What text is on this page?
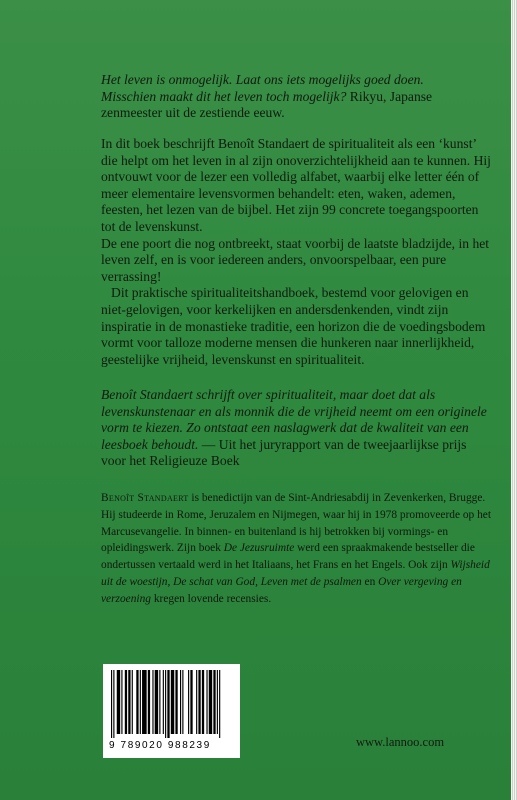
Het leven is onmogelijk. Laat ons iets mogelijks goed doen.
Misschien maakt dit het leven toch mogelijk? Rikyu, Japanse zenmeester uit de zestiende eeuw.

In dit boek beschrijft Benoît Standaert de spiritualiteit als een ‘kunst’ die helpt om het leven in al zijn onoverzichtelijkheid aan te kunnen. Hij ontvouwt voor de lezer een volledig alfabet, waarbij elke letter één of meer elementaire levensvormen behandelt: eten, waken, ademen, feesten, het lezen van de bijbel. Het zijn 99 concrete toegangspoorten tot de levenskunst.

De ene poort die nog ontbreekt, staat voorbij de laatste bladzijde, in het leven zelf, en is voor iedereen anders, onvoorspelbaar, een pure verrassing!

Dit praktische spiritualiteitshandboek, bestemd voor gelovigen en niet-gelovigen, voor kerkelijken en andersdenkenden, vindt zijn inspiratie in de monastieke traditie, een horizon die de voedingsbodem vormt voor talloze moderne mensen die hunkeren naar innerlijkheid, geestelijke vrijheid, levenskunst en spiritualiteit.

Benoît Standaert schrijft over spiritualiteit, maar doet dat als levenskunstenaar en als monnik die de vrijheid neemt om een originele vorm te kiezen. Zo ontstaat een naslagwerk dat de kwaliteit van een leesboek behoudt. — Uit het juryrapport van de tweejaarlijkse prijs voor het Religieuze Boek

Benoît Standaert is benedictijn van de Sint-Andriesabdij in Zevenkerken, Brugge. Hij studeerde in Rome, Jeruzalem en Nijmegen, waar hij in 1978 promoveerde op het Marcusevangelie. In binnen- en buitenland is hij betrokken bij vormings- en opleidingswerk. Zijn boek De Jezusruimte werd een spraakmakende bestseller die ondertussen vertaald werd in het Italiaans, het Frans en het Engels. Ook zijn Wijsheid uit de woestijn, De schat van God, Leven met de psalmen en Over vergeving en verzoening kregen lovende recensies.

9 789020 988239	www.lannoo.com
